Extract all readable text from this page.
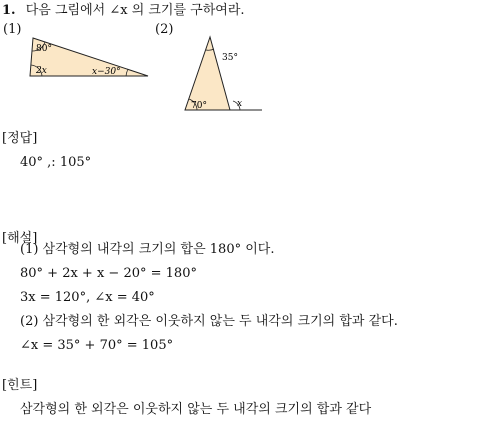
1. 다음 그림에서 ∠x 의 크기를 구하여라.
(1)	(2)
80°
2x	x−30°
35°
70°	x
[정답]
40° ,: 105°
[해설]
(1) 삼각형의 내각의 크기의 합은 180° 이다.
80° + 2x + x − 20° = 180°
3x = 120°, ∠x = 40°
(2) 삼각형의 한 외각은 이웃하지 않는 두 내각의 크기의 합과 같다.
∠x = 35° + 70° = 105°
[힌트]
삼각형의 한 외각은 이웃하지 않는 두 내각의 크기의 합과 같다
